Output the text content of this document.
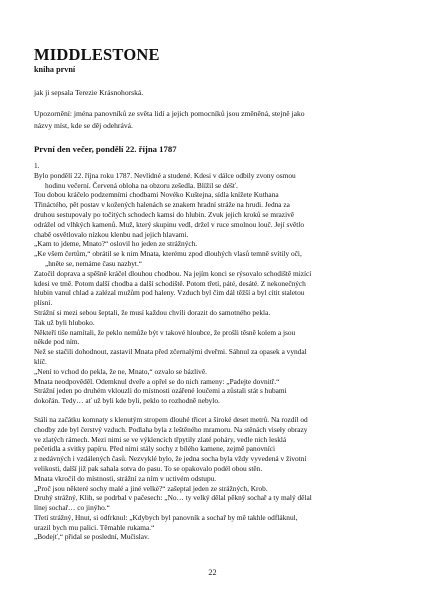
MIDDLESTONE
kniha první
jak ji sepsala Terezie Krásnohorská.
Upozornění: jména panovníků ze světa lidí a jejich pomocníků jsou změněná, stejně jako
názvy míst, kde se děj odehrává.
První den večer, pondělí 22. října 1787
1.
Bylo pondělí 22. října roku 1787. Nevlídné a studené. Kdesi v dálce odbily zvony osmou
hodinu večerní. Červená obloha na obzoru zešedla. Blížil se déšť.
Tou dobou kráčelo podzemními chodbami Novéko Kuštejna, sídla knížete Kuthana
Třináctého, pět postav v kožených halenách se znakem hradní stráže na hrudi. Jedna za
druhou sestupovaly po točitých schodech kamsi do hlubin. Zvuk jejich kroků se mrazivě
odrážel od vlhkých kamenů. Muž, který skupinu vedl, držel v ruce smolnou louč. Její světlo
chabě osvětlovalo nízkou klenbu nad jejich hlavami.
„Kam to jdeme, Mnato?“ oslovil ho jeden ze strážných.
„Ke všem čertům,“ obrátil se k nim Mnata, kterému zpod dlouhých vlasů temně svítily oči,
„hněte se, nemáme času nazbyt.“
Zatočil doprava a spěšně kráčel dlouhou chodbou. Na jejím konci se rýsovalo schodiště mizící
kdesi ve tmě. Potom další chodba a další schodiště. Potom třetí, páté, desáté. Z nekonečných
hlubin vanul chlad a zalézal mužům pod haleny. Vzduch byl čím dál těžší a byl cítit staletou
plísní.
Strážní si mezi sebou šeptali, že musí každou chvíli dorazit do samotného pekla.
Tak už byli hluboko.
Někteří tiše namítali, že peklo nemůže být v takové hloubce, že prošli těsně kolem a jsou
někde pod ním.
Než se stačili dohodnout, zastavil Mnata před zčernalými dveřmi. Sáhnul za opasek a vyndal
klíč.
„Není to vchod do pekla, že ne, Mnato,“ ozvalo se bázlivě.
Mnata neodpověděl. Odemknul dveře a opřel se do nich rameny: „Padejte dovnitř.“
Strážní jeden po druhém vklouzli do místnosti ozářené loučemi a zůstali stát s hubami
dokořán. Tedy… ať už byli kde byli, peklo to rozhodně nebylo.
Stáli na začátku komnaty s klenutým stropem dlouhé třicet a široké deset metrů. Na rozdíl od
chodby zde byl čerstvý vzduch. Podlaha byla z leštěného mramoru. Na stěnách viseły obrazy
ve zlatých rámech. Mezi nimi se ve výklencích třpytily zlaté poháry, vedle nich lesklá
pečetidla a svitky papíru. Před nimi stály sochy z bílého kamene, zejmě panovníci
z nedávných i vzdálených časů. Nezvyklé bylo, že jedna socha byla vždy vyvedená v životní
velikosti, další již pak sahala sotva do pasu. To se opakovalo podél obou stěn.
Mnata vkročil do místnosti, strážní za ním v uctivém odstupu.
„Proč jsou některé sochy malé a jiné velké?“ zašeptal jeden ze strážných, Krob.
Druhý strážný, Klih, se podrbal v pačesech: „No… ty velký dělal pěkný sochař a ty malý dělal
línej sochař… co jinýho.“
Třetí strážný, Hnut, si odfrknul: „Kdybych byl panovník a sochař by mě takhle odfláknul,
urazil bych mu palici. Těmahle rukama.“
„Bodejť,“ přidal se poslední, Mučislav.
22
